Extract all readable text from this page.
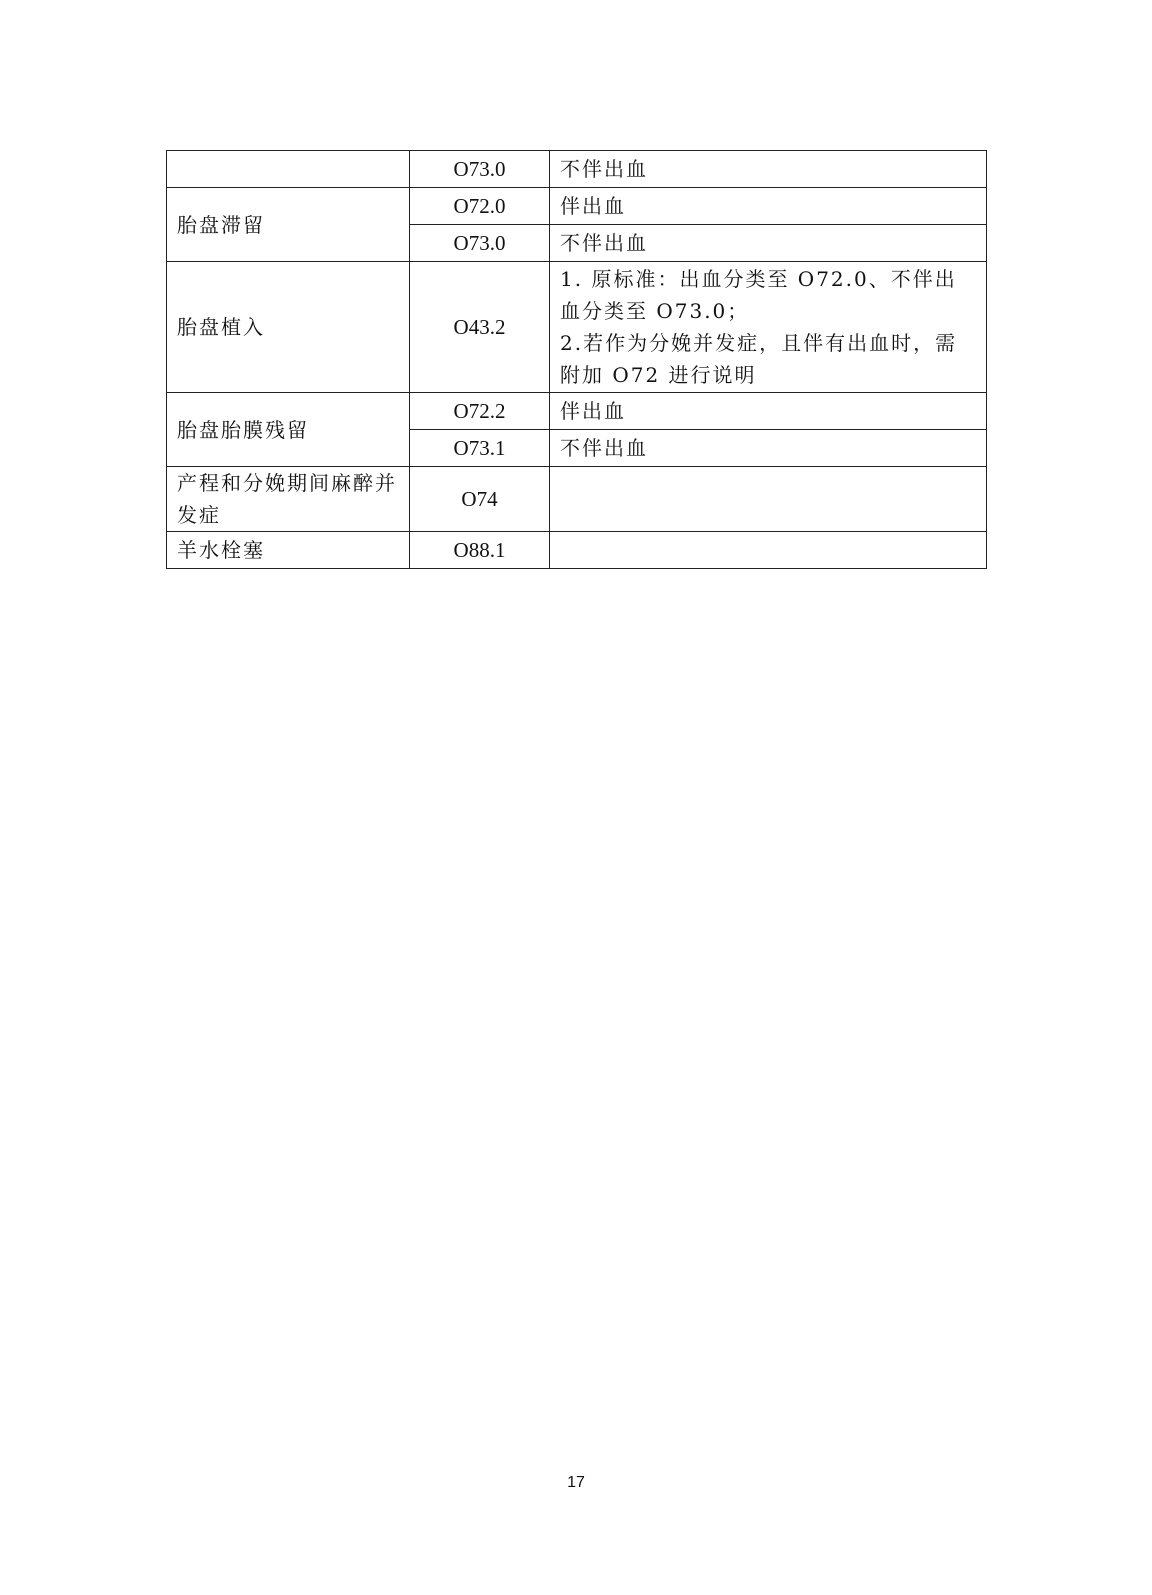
	O73.0	不伴出血
胎盘滞留	O72.0	伴出血
	O73.0	不伴出血
胎盘植入	O43.2	1. 原标准：出血分类至 O72.0、不伴出血分类至 O73.0；
2.若作为分娩并发症，且伴有出血时，需附加 O72 进行说明

胎盘胎膜残留	O72.2	伴出血
	O73.1	不伴出血
产程和分娩期间麻醉并发症	O74	
羊水栓塞	O88.1	
17
